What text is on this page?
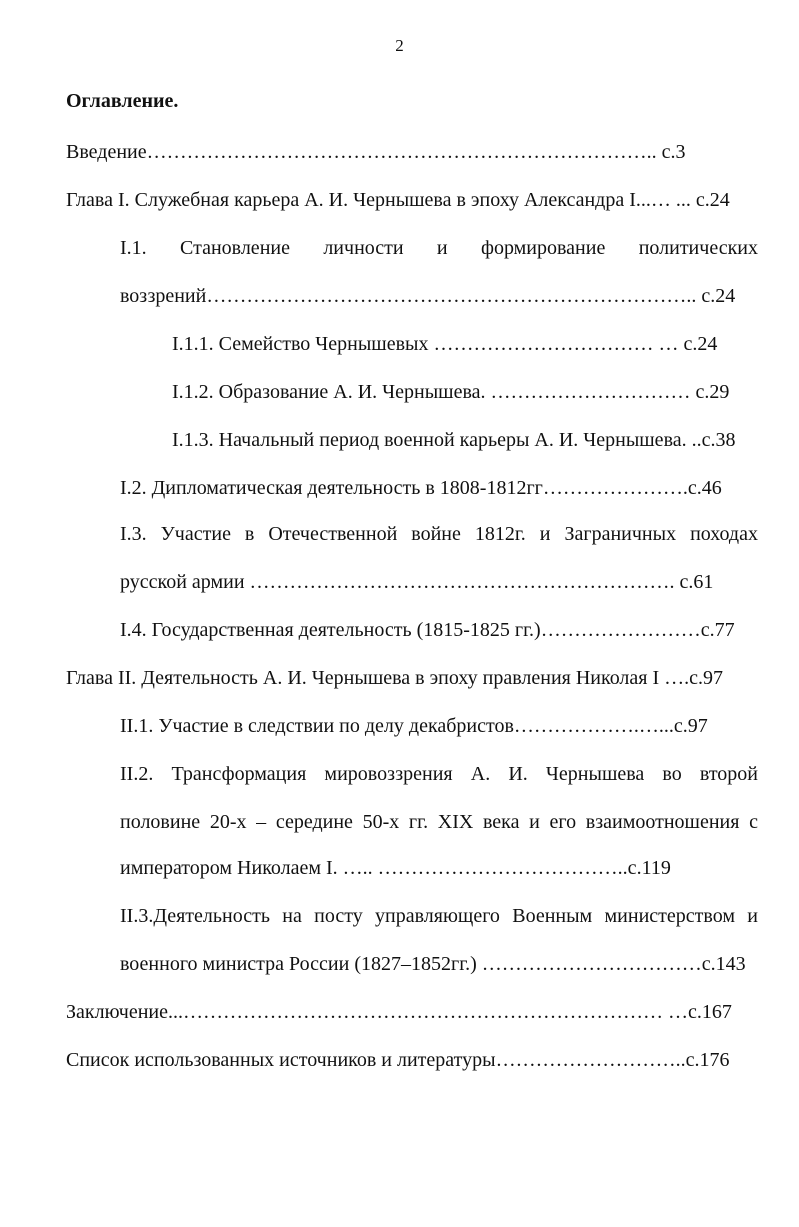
2
Оглавление.
Введение………………………………………………………………….. с.3
Глава I. Служебная карьера А. И. Чернышева в эпоху Александра I...… ... с.24
I.1. Становление личности и формирование политических
воззрений……………………………………………………………….. с.24
I.1.1. Семейство Чернышевых …………………………… … с.24
I.1.2. Образование А. И. Чернышева. ………………………… с.29
I.1.3. Начальный период военной карьеры А. И. Чернышева. ..с.38
I.2. Дипломатическая деятельность в 1808-1812гг………………….с.46
I.3. Участие в Отечественной войне 1812г. и Заграничных походах
русской армии ………………………………………………………. с.61
I.4. Государственная деятельность (1815-1825 гг.)……………………с.77
Глава II. Деятельность А. И. Чернышева в эпоху правления Николая I ….с.97
II.1. Участие в следствии по делу декабристов……………….…...с.97
II.2. Трансформация мировоззрения А. И. Чернышева во второй
половине 20-х – середине 50-х гг. XIX века и его взаимоотношения с
императором Николаем I. ….. ………………………………..с.119
II.3.Деятельность на посту управляющего Военным министерством и
военного министра России (1827–1852гг.) ……………………………с.143
Заключение...……………………………………………………………… …с.167
Список использованных источников и литературы………………………..с.176
